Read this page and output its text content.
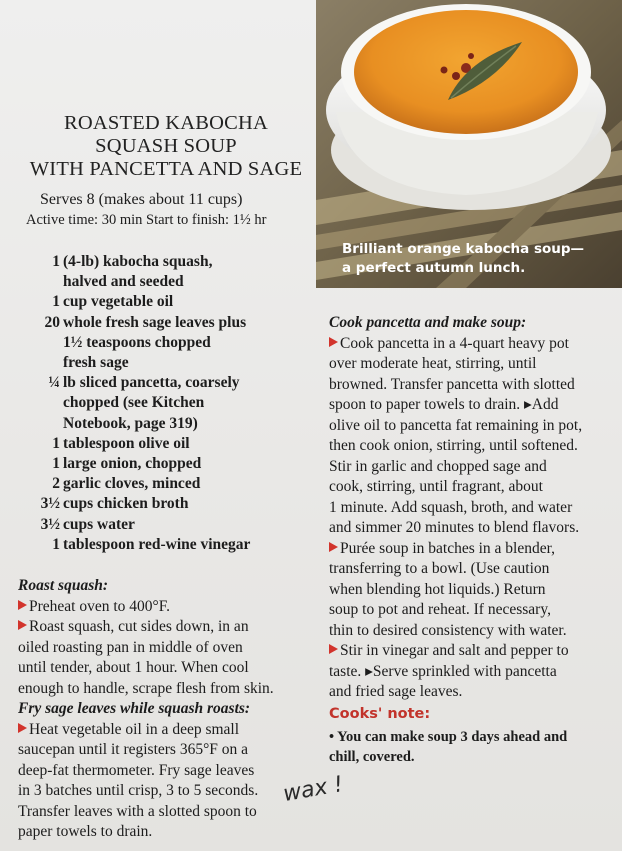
Brilliant orange kabocha soup—
a perfect autumn lunch.
ROASTED KABOCHA
SQUASH SOUP
WITH PANCETTA AND SAGE
Serves 8 (makes about 11 cups)
Active time: 30 min Start to finish: 1½ hr
1 (4-lb) kabocha squash,
halved and seeded
1 cup vegetable oil
20 whole fresh sage leaves plus
1½ teaspoons chopped
fresh sage
¼ lb sliced pancetta, coarsely
chopped (see Kitchen
Notebook, page 319)
1 tablespoon olive oil
1 large onion, chopped
2 garlic cloves, minced
3½ cups chicken broth
3½ cups water
1 tablespoon red-wine vinegar
Roast squash:
Preheat oven to 400°F.
Roast squash, cut sides down, in an
oiled roasting pan in middle of oven
until tender, about 1 hour. When cool
enough to handle, scrape flesh from skin.
Fry sage leaves while squash roasts:
Heat vegetable oil in a deep small
saucepan until it registers 365°F on a
deep-fat thermometer. Fry sage leaves
in 3 batches until crisp, 3 to 5 seconds.
Transfer leaves with a slotted spoon to
paper towels to drain.
Cook pancetta and make soup:
Cook pancetta in a 4-quart heavy pot
over moderate heat, stirring, until
browned. Transfer pancetta with slotted
spoon to paper towels to drain. ▸Add
olive oil to pancetta fat remaining in pot,
then cook onion, stirring, until softened.
Stir in garlic and chopped sage and
cook, stirring, until fragrant, about
1 minute. Add squash, broth, and water
and simmer 20 minutes to blend flavors.
Purée soup in batches in a blender,
transferring to a bowl. (Use caution
when blending hot liquids.) Return
soup to pot and reheat. If necessary,
thin to desired consistency with water.
Stir in vinegar and salt and pepper to
taste. ▸Serve sprinkled with pancetta
and fried sage leaves.
Cooks' note:
• You can make soup 3 days ahead and
chill, covered.
wax !
